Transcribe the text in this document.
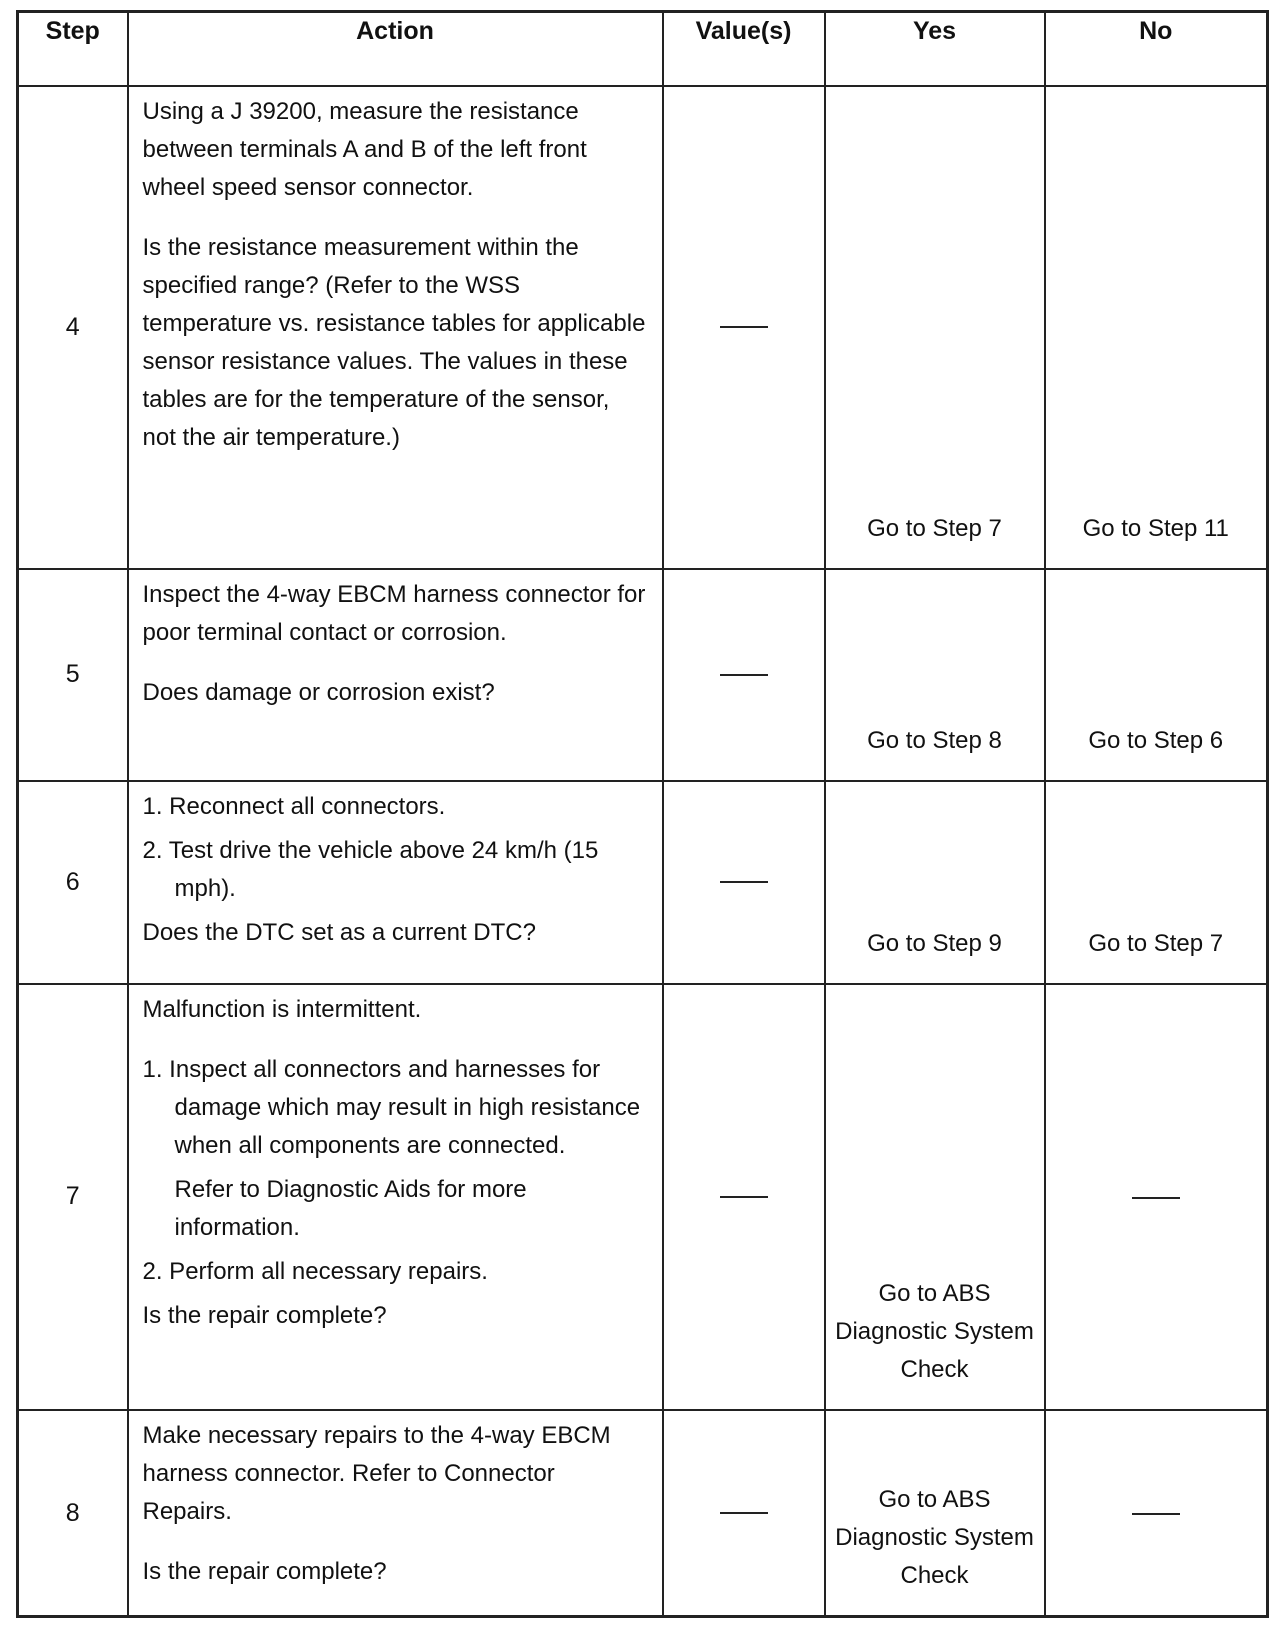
Step	Action	Value(s)	Yes	No
4	Using a J 39200, measure the resistance between terminals A and B of the left front wheel speed sensor connector.

Is the resistance measurement within the specified range? (Refer to the WSS temperature vs. resistance tables for applicable sensor resistance values. The values in these tables are for the temperature of the sensor, not the air temperature.)		Go to Step 7	Go to Step 11
5	Inspect the 4-way EBCM harness connector for poor terminal contact or corrosion.

Does damage or corrosion exist?		Go to Step 8	Go to Step 6
6	1. Reconnect all connectors.

2. Test drive the vehicle above 24 km/h (15 mph).

Does the DTC set as a current DTC?		Go to Step 9	Go to Step 7
7	Malfunction is intermittent.

1. Inspect all connectors and harnesses for damage which may result in high resistance when all components are connected.

Refer to Diagnostic Aids for more information.

2. Perform all necessary repairs.

Is the repair complete?		Go to ABS Diagnostic System Check	
8	Make necessary repairs to the 4-way EBCM harness connector. Refer to Connector Repairs.

Is the repair complete?		Go to ABS Diagnostic System Check	
